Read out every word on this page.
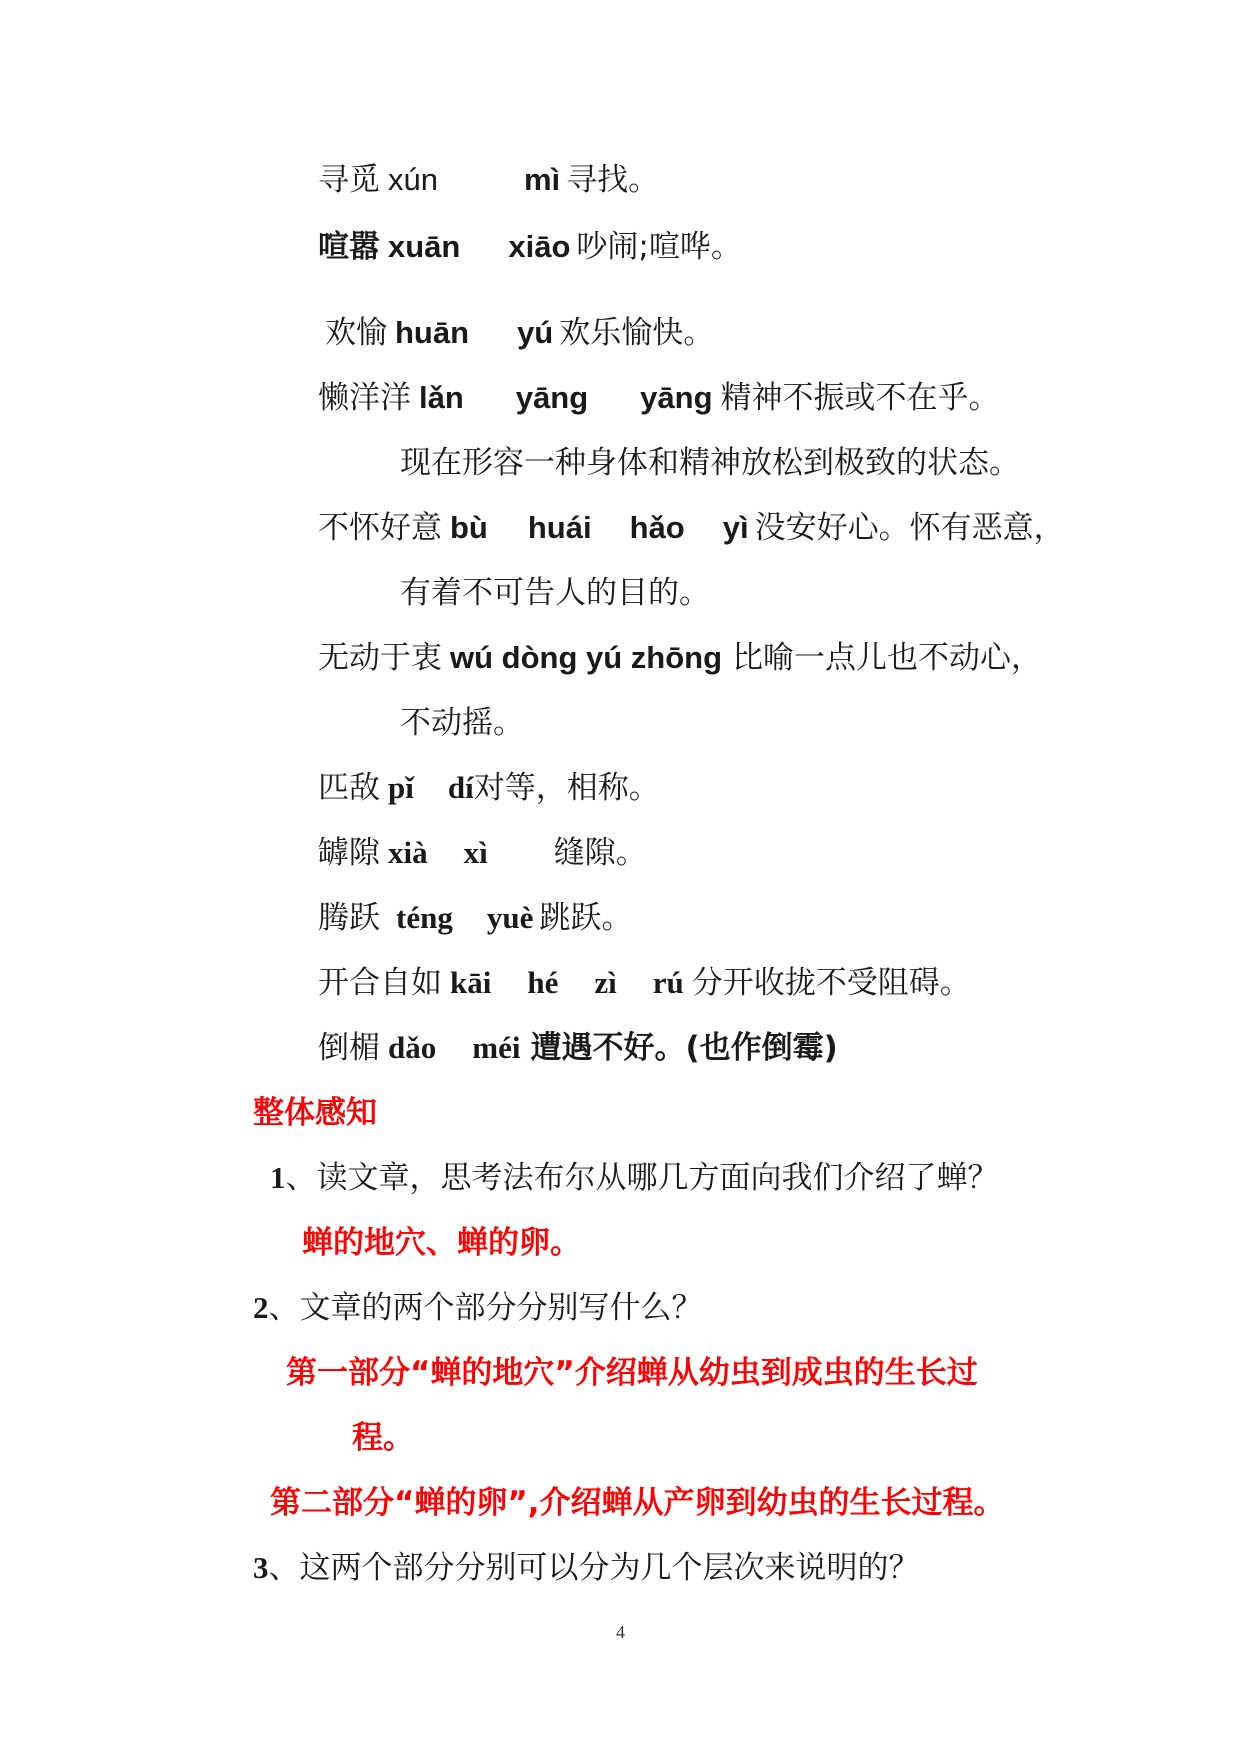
寻觅 xún	mì 寻找。
喧嚣 xuān xiāo 吵闹;喧哗。
欢愉 huān yú 欢乐愉快。
懒洋洋 lǎn yāng yāng 精神不振或不在乎。
现在形容一种身体和精神放松到极致的状态。
不怀好意 bù huái hǎo yì 没安好心。怀有恶意，
有着不可告人的目的。
无动于衷 wú dòng yú zhōng 比喻一点儿也不动心，
不动摇。
匹敌 pǐ dí对等，相称。
罅隙 xià xì 缝隙。
腾跃 téng yuè 跳跃。
开合自如 kāi hé zì rú 分开收拢不受阻碍。
倒楣 dǎo méi 遭遇不好。(也作倒霉)
整体感知
1、读文章，思考法布尔从哪几方面向我们介绍了蝉？
蝉的地穴、蝉的卵。
2、文章的两个部分分别写什么？
第一部分“蝉的地穴”介绍蝉从幼虫到成虫的生长过
程。
第二部分“蝉的卵”,介绍蝉从产卵到幼虫的生长过程。
3、这两个部分分别可以分为几个层次来说明的？
4
